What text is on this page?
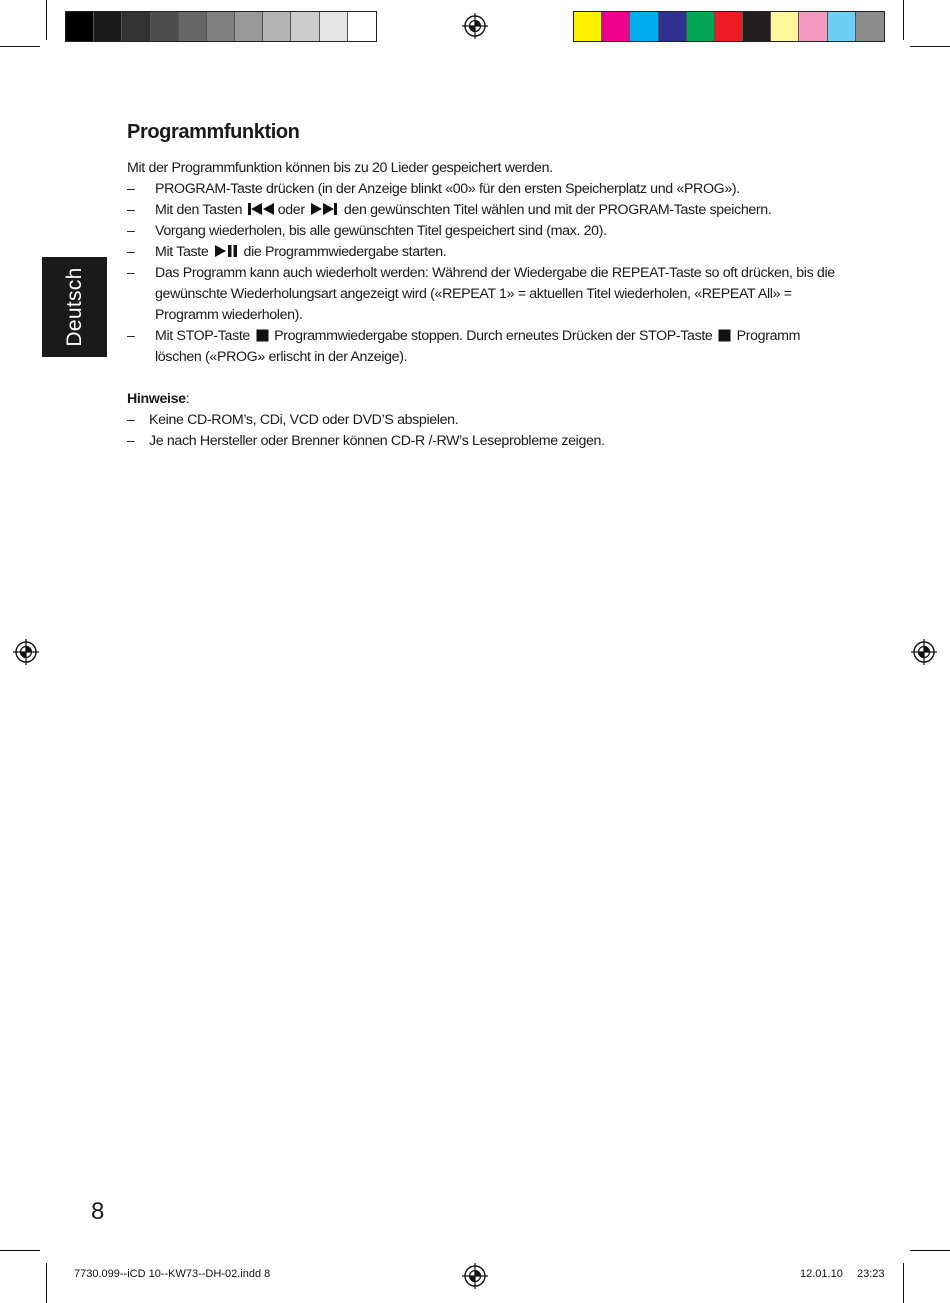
Deutsch
Programmfunktion

Mit der Programmfunktion können bis zu 20 Lieder gespeichert werden.

– PROGRAM-Taste drücken (in der Anzeige blinkt «00» für den ersten Speicherplatz und «PROG»).
– Mit den Tasten	oder	den gewünschten Titel wählen und mit der PROGRAM-Taste speichern.
– Vorgang wiederholen, bis alle gewünschten Titel gespeichert sind (max. 20).
– Mit Taste die Programmwiedergabe starten.
– Das Programm kann auch wiederholt werden: Während der Wiedergabe die REPEAT-Taste so oft drücken, bis die gewünschte Wiederholungsart angezeigt wird («REPEAT 1» = aktuellen Titel wiederholen, «REPEAT All» = Programm wiederholen).
– Mit STOP-Taste Programmwiedergabe stoppen. Durch erneutes Drücken der STOP-Taste Programm löschen («PROG» erlischt in der Anzeige).

Hinweise:

– Keine CD-ROM’s, CDi, VCD oder DVD’S abspielen.
– Je nach Hersteller oder Brenner können CD-R /-RW’s Leseprobleme zeigen.
8
7730.099--iCD 10--KW73--DH-02.indd 8	12.01.10 23:23
